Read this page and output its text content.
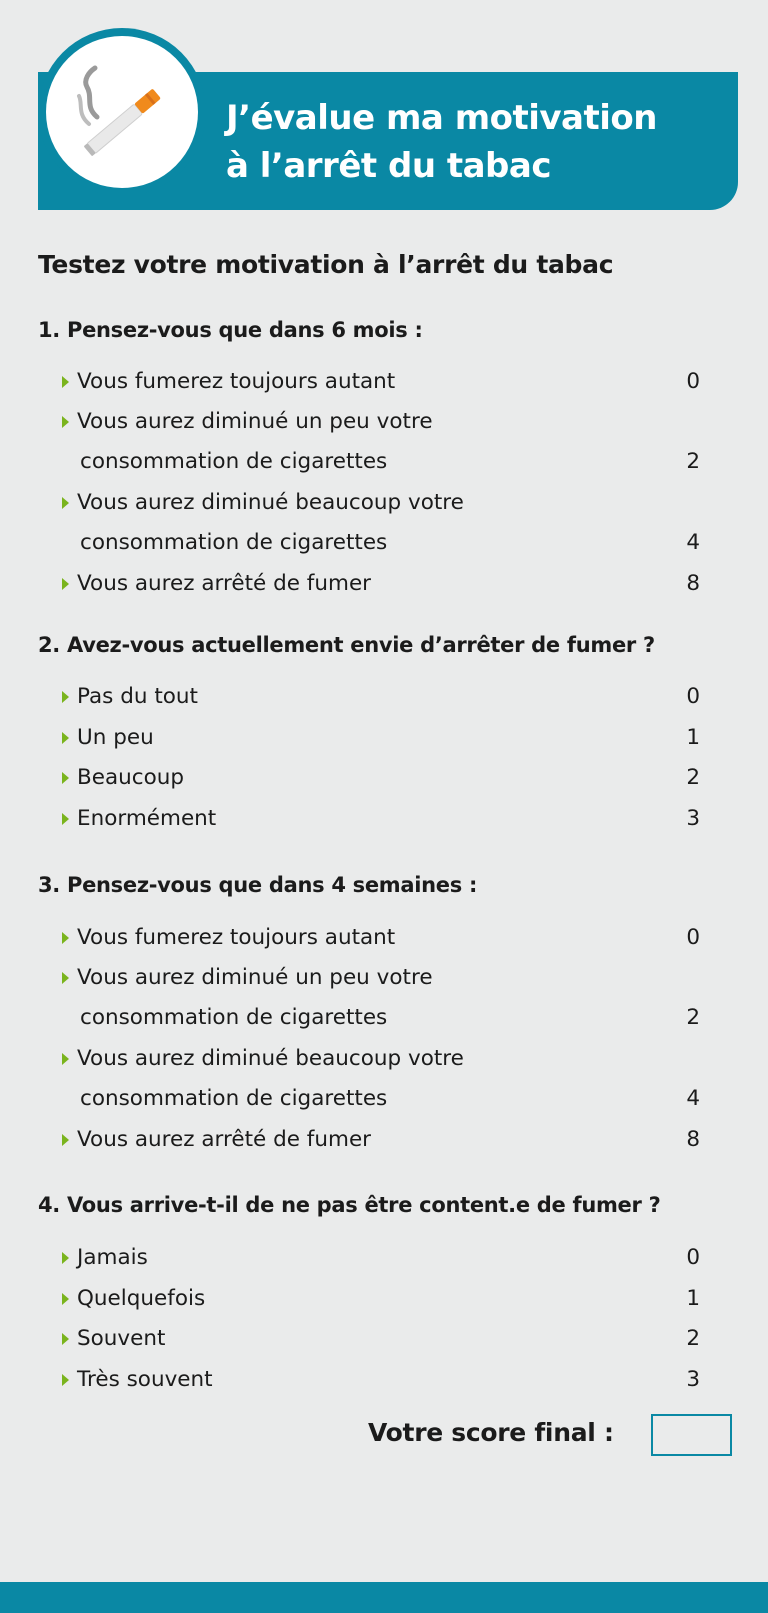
J’évalue ma motivation
à l’arrêt du tabac
Testez votre motivation à l’arrêt du tabac
1. Pensez-vous que dans 6 mois :
Vous fumerez toujours autant	0
Vous aurez diminué un peu votre
consommation de cigarettes	2
Vous aurez diminué beaucoup votre
consommation de cigarettes	4
Vous aurez arrêté de fumer	8
2. Avez-vous actuellement envie d’arrêter de fumer ?
Pas du tout	0
Un peu	1
Beaucoup	2
Enormément	3
3. Pensez-vous que dans 4 semaines :
Vous fumerez toujours autant	0
Vous aurez diminué un peu votre
consommation de cigarettes	2
Vous aurez diminué beaucoup votre
consommation de cigarettes	4
Vous aurez arrêté de fumer	8
4. Vous arrive-t-il de ne pas être content.e de fumer ?
Jamais	0
Quelquefois	1
Souvent	2
Très souvent	3
Votre score final :
